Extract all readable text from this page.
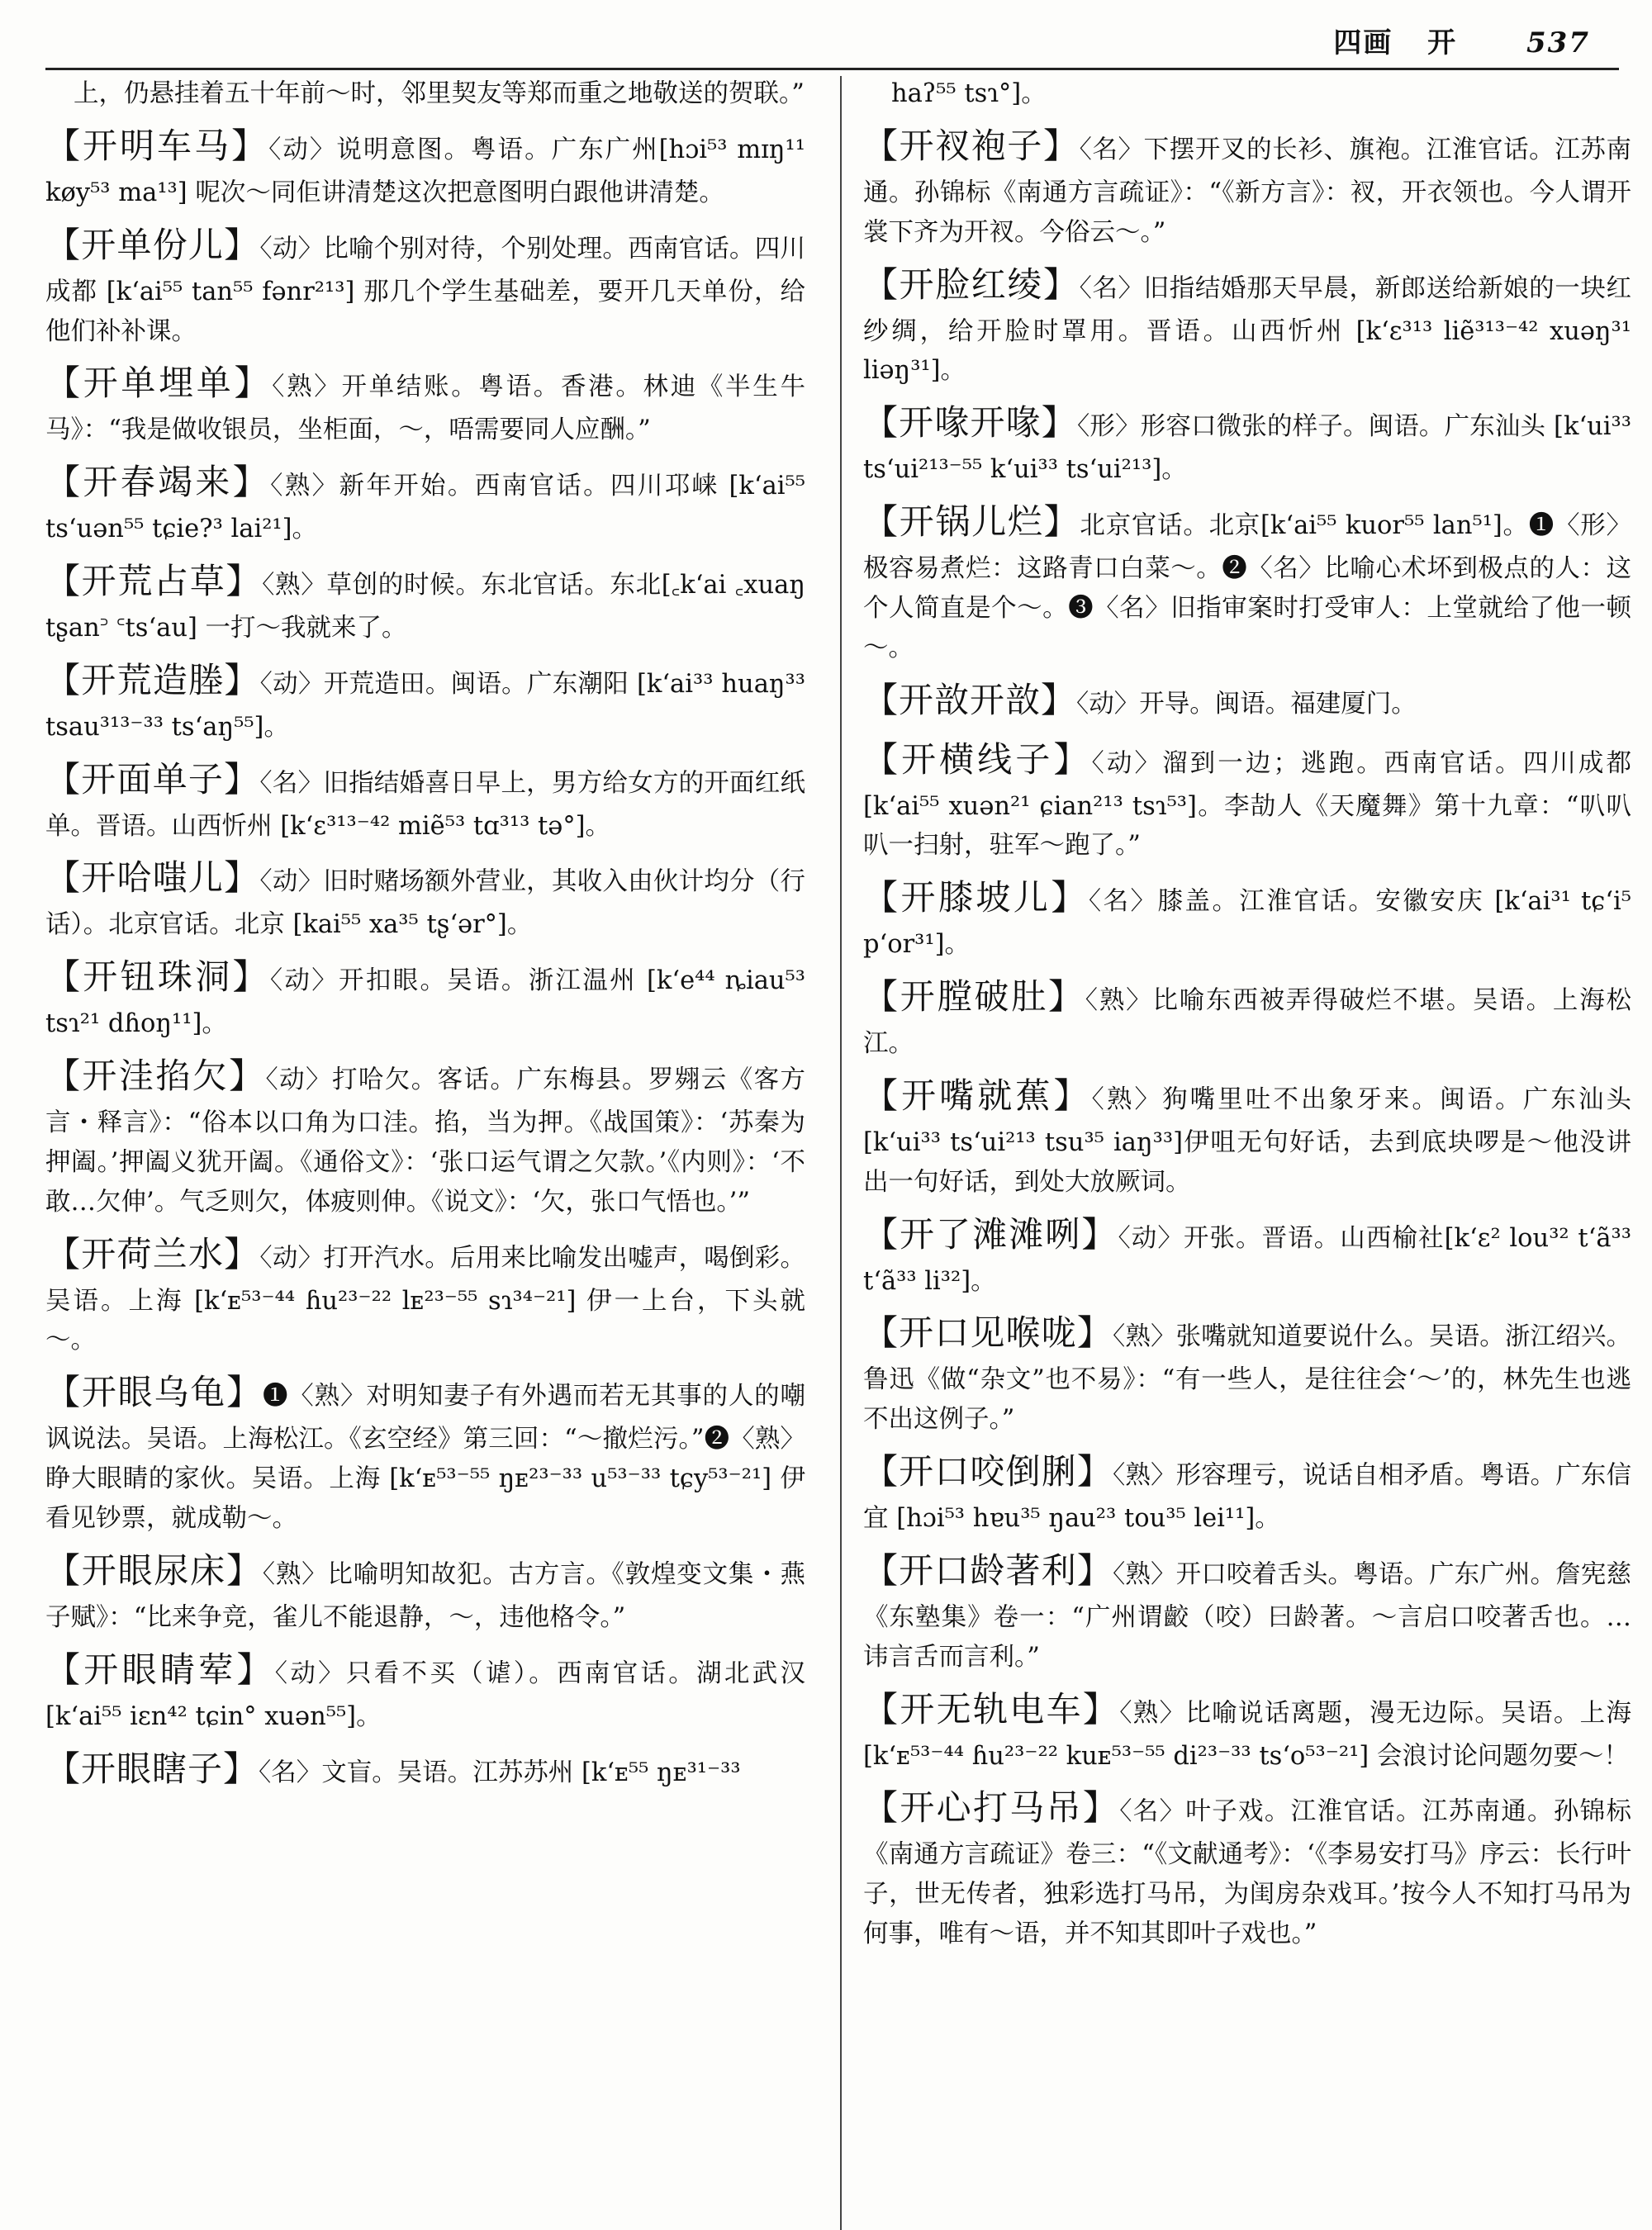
四画 开 537

上，仍悬挂着五十年前～时，邻里契友等郑而重之地敬送的贺联。”

【开明车马】〈动〉说明意图。粤语。广东广州[hɔi⁵³ mɪŋ¹¹ køy⁵³ ma¹³] 呢次～同佢讲清楚这次把意图明白跟他讲清楚。

【开单份儿】〈动〉比喻个别对待，个别处理。西南官话。四川成都 [k‘ai⁵⁵ tan⁵⁵ fənr²¹³] 那几个学生基础差，要开几天单份，给他们补补课。

【开单埋单】〈熟〉开单结账。粤语。香港。林迪《半生牛马》：“我是做收银员，坐柜面，～，唔需要同人应酬。”

【开春竭来】〈熟〉新年开始。西南官话。四川邛崃 [k‘ai⁵⁵ ts‘uən⁵⁵ tɕie?³ lai²¹]。

【开荒占草】〈熟〉草创的时候。东北官话。东北[꜀k‘ai ꜀xuaŋ tʂan꜄ ꜂ts‘au] 一打～我就来了。

【开荒造塍】〈动〉开荒造田。闽语。广东潮阳 [k‘ai³³ huaŋ³³ tsau³¹³⁻³³ ts‘aŋ⁵⁵]。

【开面单子】〈名〉旧指结婚喜日早上，男方给女方的开面红纸单。晋语。山西忻州 [k‘ɛ³¹³⁻⁴² miẽ⁵³ tɑ³¹³ tə°]。

【开哈嗤儿】〈动〉旧时赌场额外营业，其收入由伙计均分（行话）。北京官话。北京 [kai⁵⁵ xa³⁵ tʂ‘ər°]。

【开钮珠洞】〈动〉开扣眼。吴语。浙江温州 [k‘e⁴⁴ ȵiau⁵³ tsɿ²¹ dɦoŋ¹¹]。

【开洼掐欠】〈动〉打哈欠。客话。广东梅县。罗翙云《客方言・释言》：“俗本以口角为口洼。掐，当为押。《战国策》：‘苏秦为押阖。’押阖义犹开阖。《通俗文》：‘张口运气谓之欠款。’《内则》：‘不敢…欠伸’。气乏则欠，体疲则伸。《说文》：‘欠，张口气悟也。’”

【开荷兰水】〈动〉打开汽水。后用来比喻发出嘘声，喝倒彩。吴语。上海 [k‘ᴇ⁵³⁻⁴⁴ ɦu²³⁻²² lᴇ²³⁻⁵⁵ sɿ³⁴⁻²¹] 伊一上台，下头就～。

【开眼乌龟】❶〈熟〉对明知妻子有外遇而若无其事的人的嘲讽说法。吴语。上海松江。《玄空经》第三回：“～撤烂污。”❷〈熟〉睁大眼睛的家伙。吴语。上海 [k‘ᴇ⁵³⁻⁵⁵ ŋᴇ²³⁻³³ u⁵³⁻³³ tɕy⁵³⁻²¹] 伊看见钞票，就成勒～。

【开眼尿床】〈熟〉比喻明知故犯。古方言。《敦煌变文集・燕子赋》：“比来争竞，雀儿不能退静，～，违他格令。”

【开眼睛荤】〈动〉只看不买（谑）。西南官话。湖北武汉 [k‘ai⁵⁵ iɛn⁴² tɕin° xuən⁵⁵]。

【开眼瞎子】〈名〉文盲。吴语。江苏苏州 [k‘ᴇ⁵⁵ ŋᴇ³¹⁻³³

haʔ⁵⁵ tsɿ°]。

【开衩袍子】〈名〉下摆开叉的长衫、旗袍。江淮官话。江苏南通。孙锦标《南通方言疏证》：“《新方言》：衩，开衣领也。今人谓开裳下齐为开衩。今俗云～。”

【开脸红绫】〈名〉旧指结婚那天早晨，新郎送给新娘的一块红纱绸，给开脸时罩用。晋语。山西忻州 [k‘ɛ³¹³ liẽ³¹³⁻⁴² xuəŋ³¹ liəŋ³¹]。

【开喙开喙】〈形〉形容口微张的样子。闽语。广东汕头 [k‘ui³³ ts‘ui²¹³⁻⁵⁵ k‘ui³³ ts‘ui²¹³]。

【开锅儿烂】北京官话。北京[k‘ai⁵⁵ kuor⁵⁵ lan⁵¹]。❶〈形〉极容易煮烂：这路青口白菜～。❷〈名〉比喻心术坏到极点的人：这个人简直是个～。❸〈名〉旧指审案时打受审人：上堂就给了他一顿～。

【开敨开敨】〈动〉开导。闽语。福建厦门。

【开横线子】〈动〉溜到一边；逃跑。西南官话。四川成都[k‘ai⁵⁵ xuən²¹ ɕian²¹³ tsɿ⁵³]。李劼人《天魔舞》第十九章：“叭叭叭一扫射，驻军～跑了。”

【开膝坡儿】〈名〉膝盖。江淮官话。安徽安庆 [k‘ai³¹ tɕ‘i⁵ p‘or³¹]。

【开膛破肚】〈熟〉比喻东西被弄得破烂不堪。吴语。上海松江。

【开嘴就蕉】〈熟〉狗嘴里吐不出象牙来。闽语。广东汕头 [k‘ui³³ ts‘ui²¹³ tsu³⁵ iaŋ³³]伊咀无句好话，去到底块啰是～他没讲出一句好话，到处大放厥词。

【开了滩滩咧】〈动〉开张。晋语。山西榆社[k‘ɛ² lou³² t‘ã³³ t‘ã³³ li³²]。

【开口见喉咙】〈熟〉张嘴就知道要说什么。吴语。浙江绍兴。鲁迅《做“杂文”也不易》：“有一些人，是往往会‘～’的，林先生也逃不出这例子。”

【开口咬倒脷】〈熟〉形容理亏，说话自相矛盾。粤语。广东信宜 [hɔi⁵³ hɐu³⁵ ŋau²³ tou³⁵ lei¹¹]。

【开口龄著利】〈熟〉开口咬着舌头。粤语。广东广州。詹宪慈《东塾集》卷一：“广州谓齩（咬）曰龄著。～言启口咬著舌也。…讳言舌而言利。”

【开无轨电车】〈熟〉比喻说话离题，漫无边际。吴语。上海 [k‘ᴇ⁵³⁻⁴⁴ ɦu²³⁻²² kuᴇ⁵³⁻⁵⁵ di²³⁻³³ ts‘o⁵³⁻²¹] 会浪讨论问题勿要～！

【开心打马吊】〈名〉叶子戏。江淮官话。江苏南通。孙锦标《南通方言疏证》卷三：“《文献通考》：‘《李易安打马》序云：长行叶子，世无传者，独彩选打马吊，为闺房杂戏耳。’按今人不知打马吊为何事，唯有～语，并不知其即叶子戏也。”
